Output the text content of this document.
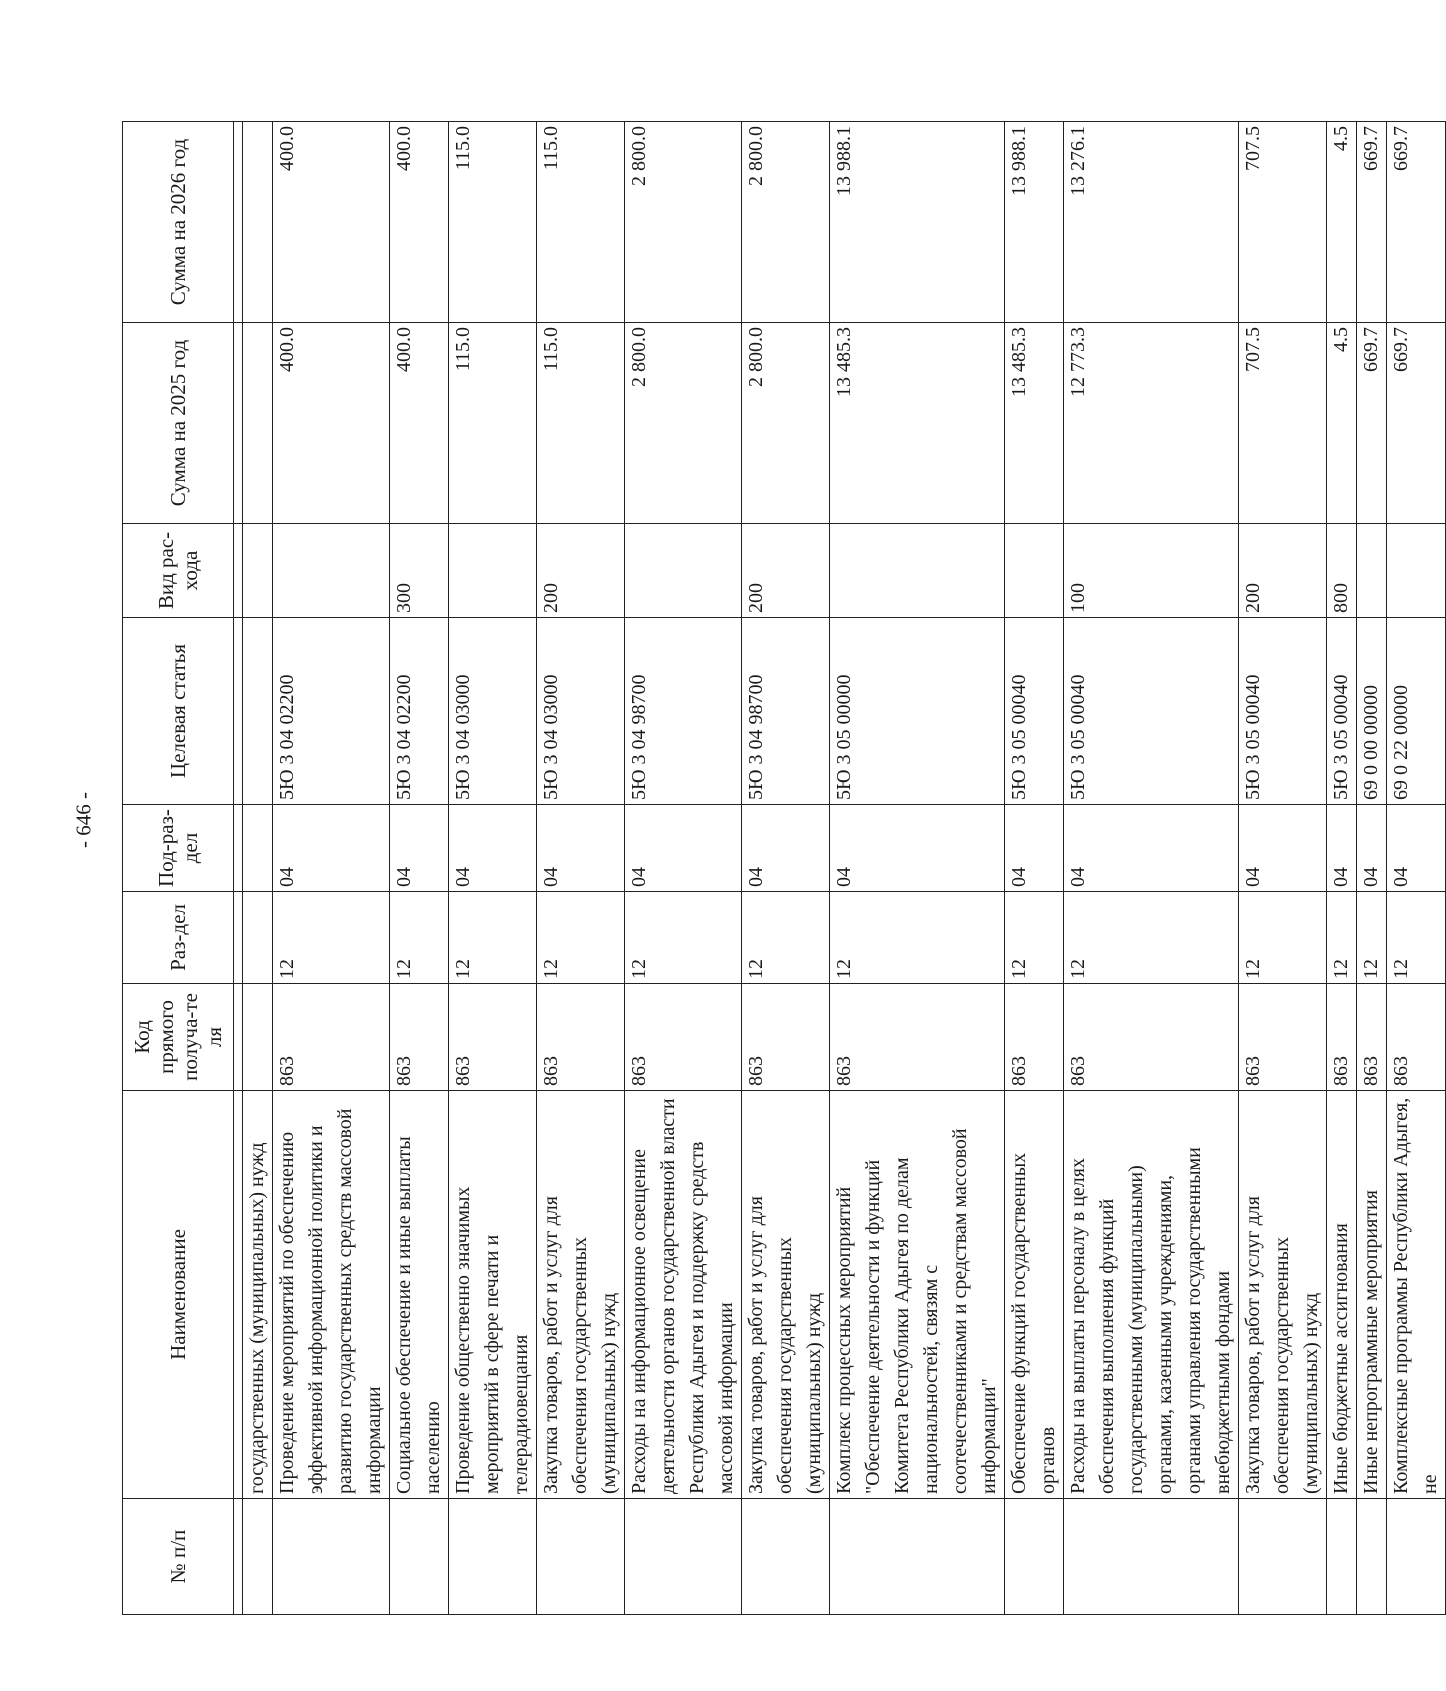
- 646 -
№ п/п	Наименование	Код прямого получа-те ля	Раз-дел	Под-раз-дел	Целевая статья	Вид рас-хода	Сумма на 2025 год	Сумма на 2026 год

	государственных (муниципальных) нужд							
	Проведение мероприятий по обеспечению эффективной информационной политики и развитию государственных средств массовой информации	863	12	04	5Ю 3 04 02200		400.0	400.0
	Социальное обеспечение и иные выплаты населению	863	12	04	5Ю 3 04 02200	300	400.0	400.0
	Проведение общественно значимых мероприятий в сфере печати и телерадиовещания	863	12	04	5Ю 3 04 03000		115.0	115.0
	Закупка товаров, работ и услуг для обеспечения государственных (муниципальных) нужд	863	12	04	5Ю 3 04 03000	200	115.0	115.0
	Расходы на информационное освещение деятельности органов государственной власти Республики Адыгея и поддержку средств массовой информации	863	12	04	5Ю 3 04 98700		2 800.0	2 800.0
	Закупка товаров, работ и услуг для обеспечения государственных (муниципальных) нужд	863	12	04	5Ю 3 04 98700	200	2 800.0	2 800.0
	Комплекс процессных мероприятий "Обеспечение деятельности и функций Комитета Республики Адыгея по делам национальностей, связям с соотечественниками и средствам массовой информации"	863	12	04	5Ю 3 05 00000		13 485.3	13 988.1
	Обеспечение функций государственных органов	863	12	04	5Ю 3 05 00040		13 485.3	13 988.1
	Расходы на выплаты персоналу в целях обеспечения выполнения функций государственными (муниципальными) органами, казенными учреждениями, органами управления государственными внебюджетными фондами	863	12	04	5Ю 3 05 00040	100	12 773.3	13 276.1
	Закупка товаров, работ и услуг для обеспечения государственных (муниципальных) нужд	863	12	04	5Ю 3 05 00040	200	707.5	707.5
	Иные бюджетные ассигнования	863	12	04	5Ю 3 05 00040	800	4.5	4.5
	Иные непрограммные мероприятия	863	12	04	69 0 00 00000		669.7	669.7
	Комплексные программы Республики Адыгея, не	863	12	04	69 0 22 00000		669.7	669.7
